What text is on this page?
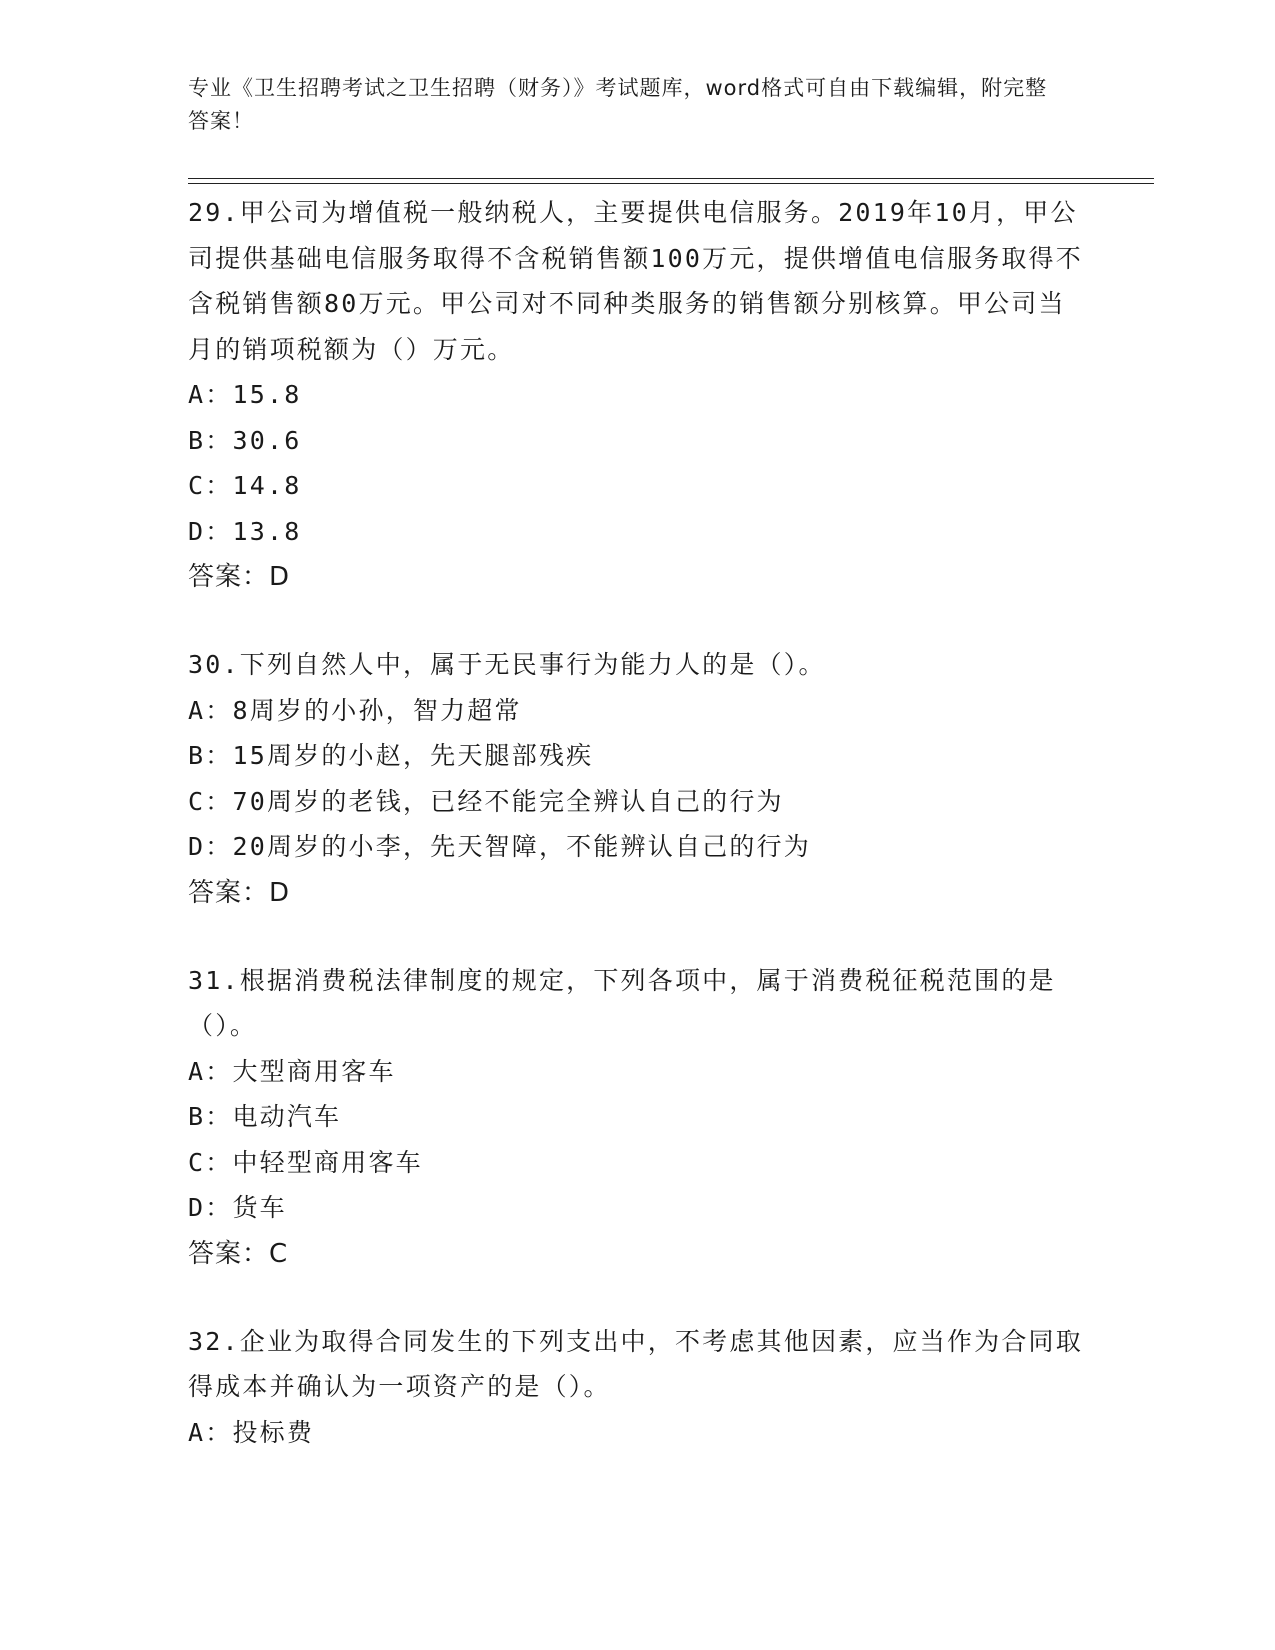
专业《卫生招聘考试之卫生招聘（财务）》考试题库，word格式可自由下载编辑，附完整答案！

29.甲公司为增值税一般纳税人，主要提供电信服务。2019年10月，甲公司提供基础电信服务取得不含税销售额100万元，提供增值电信服务取得不含税销售额80万元。甲公司对不同种类服务的销售额分别核算。甲公司当月的销项税额为（）万元。

A：15.8

B：30.6

C：14.8

D：13.8

答案：D

30.下列自然人中，属于无民事行为能力人的是（）。

A：8周岁的小孙，智力超常

B：15周岁的小赵，先天腿部残疾

C：70周岁的老钱，已经不能完全辨认自己的行为

D：20周岁的小李，先天智障，不能辨认自己的行为

答案：D

31.根据消费税法律制度的规定，下列各项中，属于消费税征税范围的是（）。

A：大型商用客车

B：电动汽车

C：中轻型商用客车

D：货车

答案：C

32.企业为取得合同发生的下列支出中，不考虑其他因素，应当作为合同取得成本并确认为一项资产的是（）。

A：投标费
